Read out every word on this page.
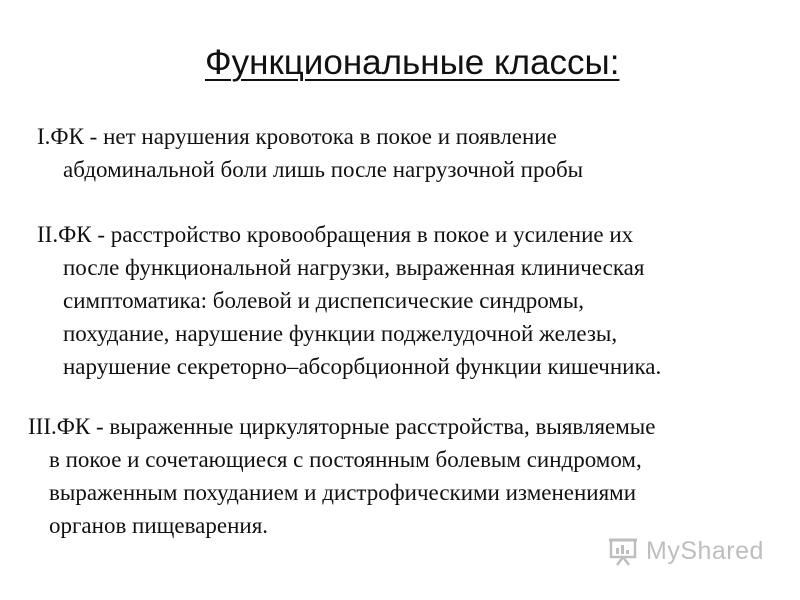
Функциональные классы:
I.ФК - нет нарушения кровотока в покое и появление
абдоминальной боли лишь после нагрузочной пробы
II.ФК - расстройство кровообращения в покое и усиление их
после функциональной нагрузки, выраженная клиническая
симптоматика: болевой и диспепсические синдромы,
похудание, нарушение функции поджелудочной железы,
нарушение секреторно–абсорбционной функции кишечника.
III.ФК - выраженные циркуляторные расстройства, выявляемые
в покое и сочетающиеся с постоянным болевым синдромом,
выраженным похуданием и дистрофическими изменениями
органов пищеварения.
MyShared
